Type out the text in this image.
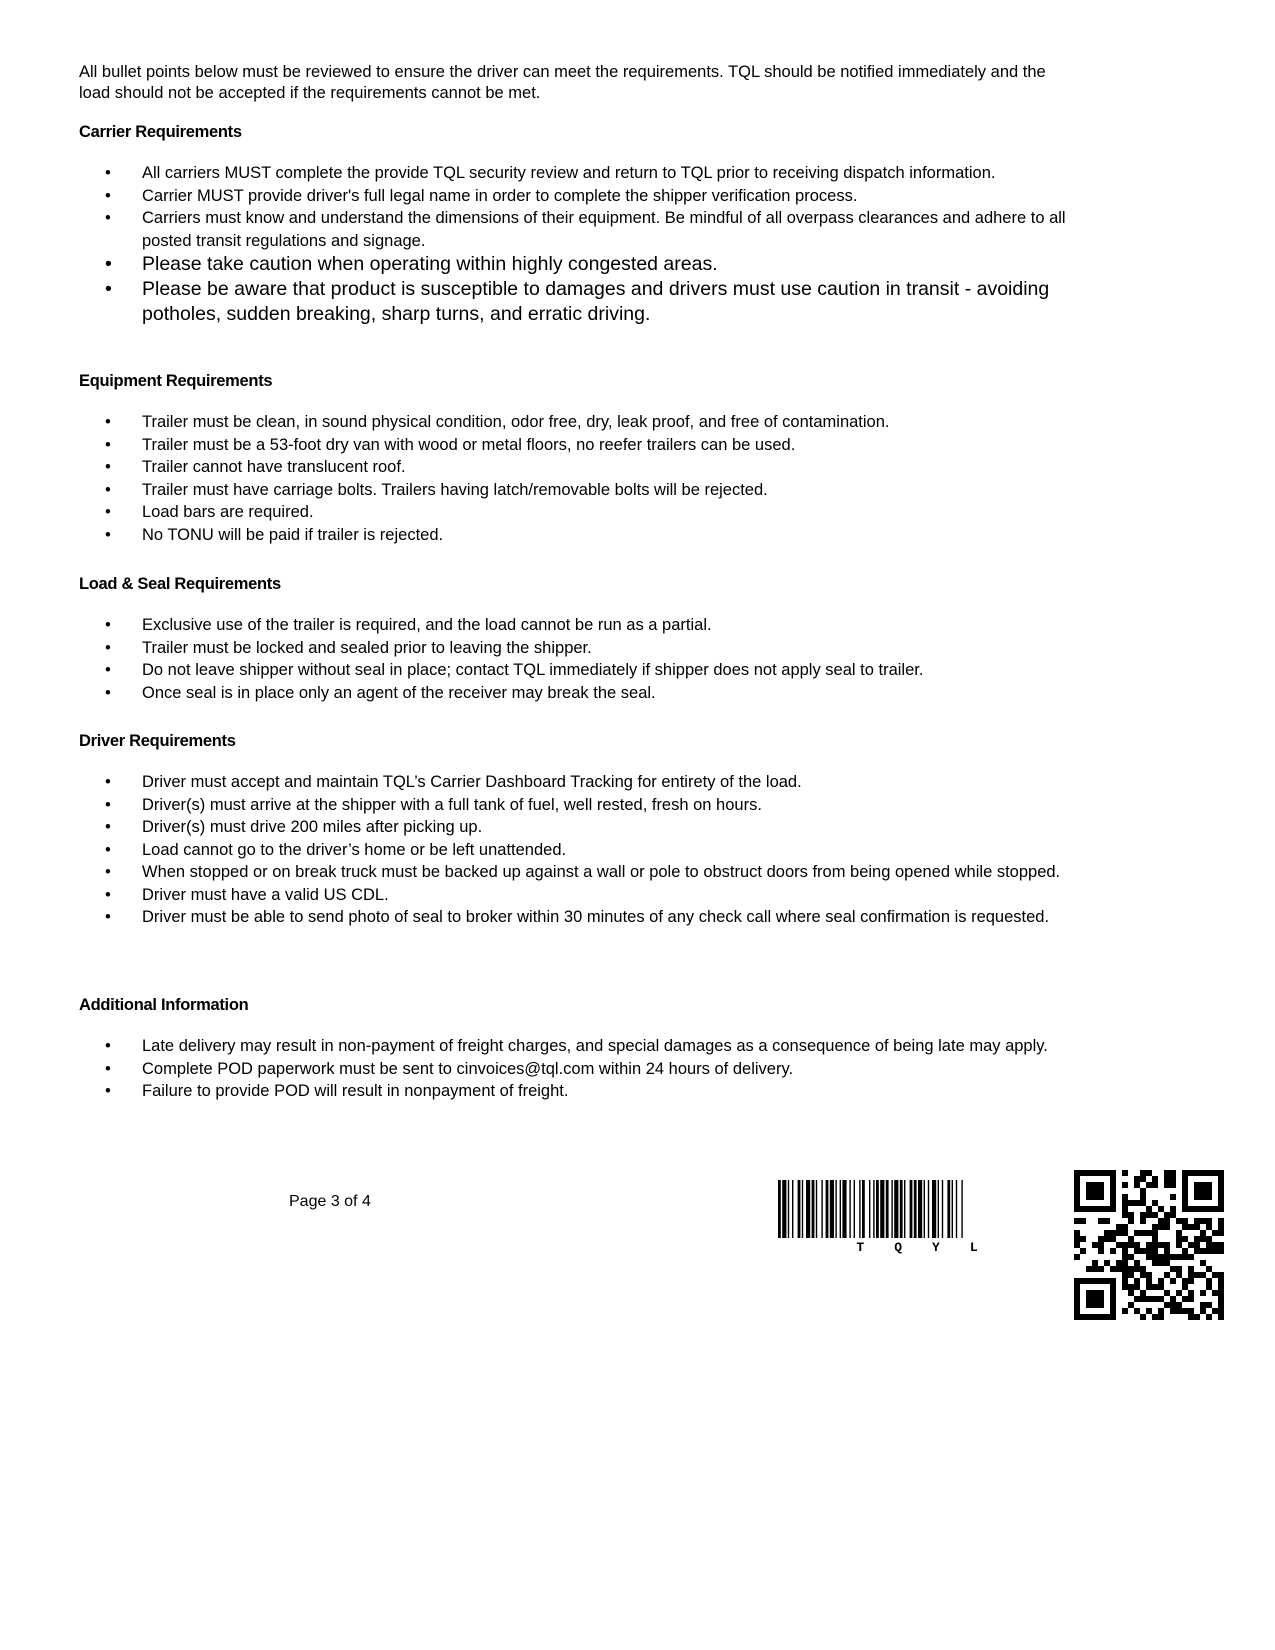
All bullet points below must be reviewed to ensure the driver can meet the requirements. TQL should be notified immediately and the load should not be accepted if the requirements cannot be met.

Carrier Requirements
• All carriers MUST complete the provide TQL security review and return to TQL prior to receiving dispatch information.
• Carrier MUST provide driver's full legal name in order to complete the shipper verification process.
• Carriers must know and understand the dimensions of their equipment. Be mindful of all overpass clearances and adhere to all posted transit regulations and signage.
• Please take caution when operating within highly congested areas.
• Please be aware that product is susceptible to damages and drivers must use caution in transit - avoiding potholes, sudden breaking, sharp turns, and erratic driving.
Equipment Requirements
• Trailer must be clean, in sound physical condition, odor free, dry, leak proof, and free of contamination.
• Trailer must be a 53-foot dry van with wood or metal floors, no reefer trailers can be used.
• Trailer cannot have translucent roof.
• Trailer must have carriage bolts. Trailers having latch/removable bolts will be rejected.
• Load bars are required.
• No TONU will be paid if trailer is rejected.
Load & Seal Requirements
• Exclusive use of the trailer is required, and the load cannot be run as a partial.
• Trailer must be locked and sealed prior to leaving the shipper.
• Do not leave shipper without seal in place; contact TQL immediately if shipper does not apply seal to trailer.
• Once seal is in place only an agent of the receiver may break the seal.
Driver Requirements
• Driver must accept and maintain TQL’s Carrier Dashboard Tracking for entirety of the load.
• Driver(s) must arrive at the shipper with a full tank of fuel, well rested, fresh on hours.
• Driver(s) must drive 200 miles after picking up.
• Load cannot go to the driver’s home or be left unattended.
• When stopped or on break truck must be backed up against a wall or pole to obstruct doors from being opened while stopped.
• Driver must have a valid US CDL.
• Driver must be able to send photo of seal to broker within 30 minutes of any check call where seal confirmation is requested.
Additional Information
• Late delivery may result in non-payment of freight charges, and special damages as a consequence of being late may apply.
• Complete POD paperwork must be sent to cinvoices@tql.com within 24 hours of delivery.
• Failure to provide POD will result in nonpayment of freight.
Page 3 of 4
T Q Y L
